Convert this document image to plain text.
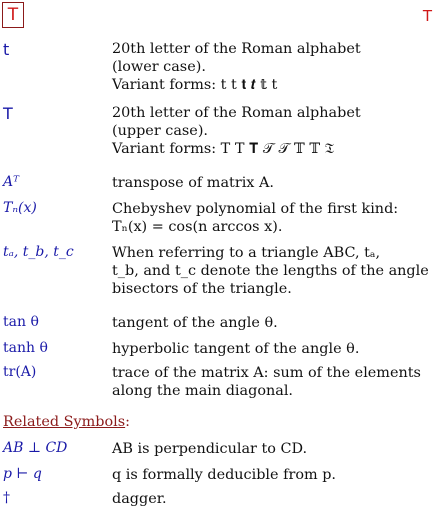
T	T
t	20th letter of the Roman alphabet
(lower case).
Variant forms: t t 𝐭 𝒕 𝕥 t
T	20th letter of the Roman alphabet
(upper case).
Variant forms: T T 𝐓 𝒯 𝒯 𝕋 𝕋 𝔗
Aᵀ	transpose of matrix A.
Tₙ(x)	Chebyshev polynomial of the first kind:
Tₙ(x) = cos(n arccos x).
tₐ, t_b, t_c	When referring to a triangle ABC, tₐ,
t_b, and t_c denote the lengths of the angle
bisectors of the triangle.
tan θ	tangent of the angle θ.
tanh θ	hyperbolic tangent of the angle θ.
tr(A)	trace of the matrix A: sum of the elements
along the main diagonal.
Related Symbols:
AB ⊥ CD	AB is perpendicular to CD.
p ⊢ q	q is formally deducible from p.
†	dagger.
